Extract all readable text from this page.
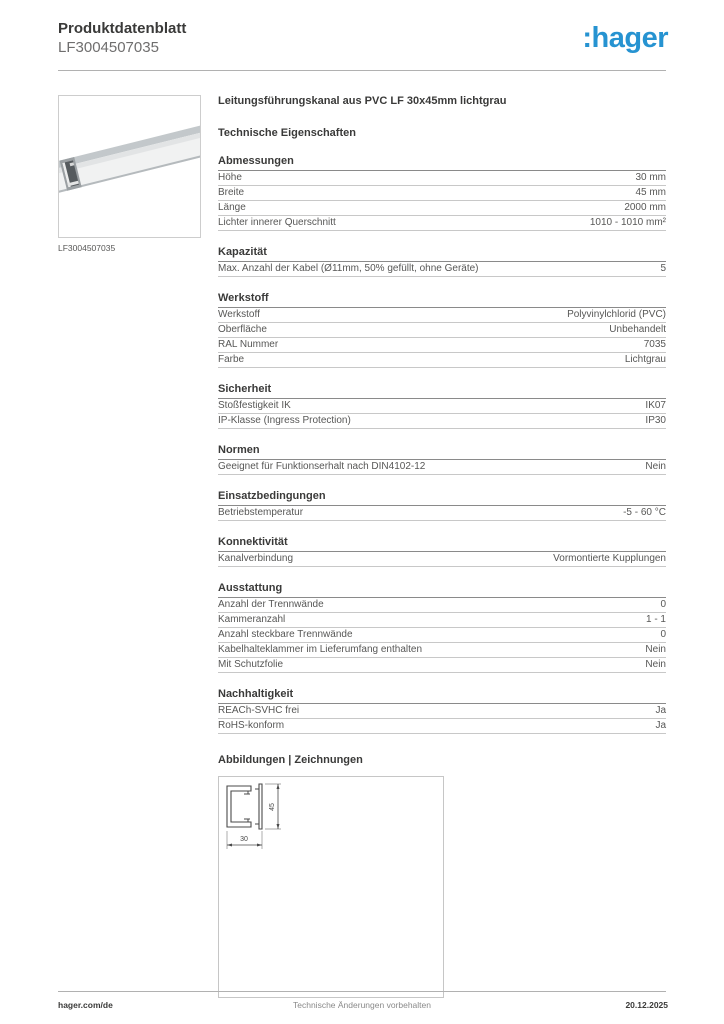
Produktdatenblatt
LF3004507035	:hager
LF3004507035
Leitungsführungskanal aus PVC LF 30x45mm lichtgrau
Technische Eigenschaften
Abmessungen
Höhe	30 mm
Breite	45 mm
Länge	2000 mm
Lichter innerer Querschnitt	1010 - 1010 mm²
Kapazität
Max. Anzahl der Kabel (Ø11mm, 50% gefüllt, ohne Geräte)	5
Werkstoff
Werkstoff	Polyvinylchlorid (PVC)
Oberfläche	Unbehandelt
RAL Nummer	7035
Farbe	Lichtgrau
Sicherheit
Stoßfestigkeit IK	IK07
IP-Klasse (Ingress Protection)	IP30
Normen
Geeignet für Funktionserhalt nach DIN4102-12	Nein
Einsatzbedingungen
Betriebstemperatur	-5 - 60 °C
Konnektivität
Kanalverbindung	Vormontierte Kupplungen
Ausstattung
Anzahl der Trennwände	0
Kammeranzahl	1 - 1
Anzahl steckbare Trennwände	0
Kabelhalteklammer im Lieferumfang enthalten	Nein
Mit Schutzfolie	Nein
Nachhaltigkeit
REACh-SVHC frei	Ja
RoHS-konform	Ja
Abbildungen | Zeichnungen
30
45
hager.com/de	Technische Änderungen vorbehalten	20.12.2025
